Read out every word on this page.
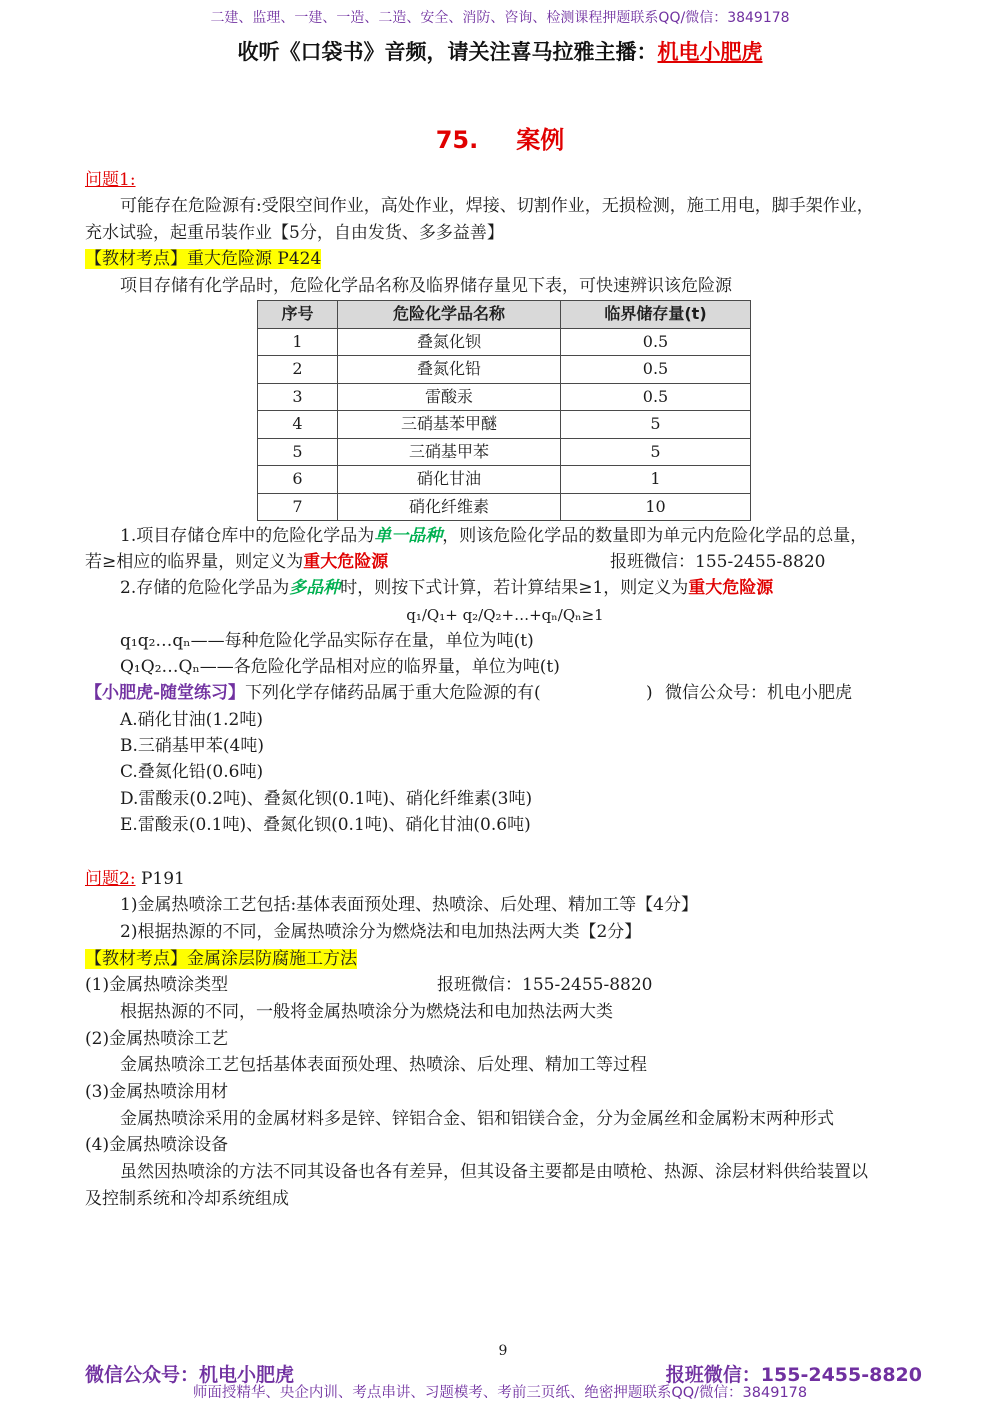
二建、监理、一建、一造、二造、安全、消防、咨询、检测课程押题联系QQ/微信：3849178
收听《口袋书》音频，请关注喜马拉雅主播：机电小肥虎
75. 案例
问题1:
可能存在危险源有:受限空间作业，高处作业，焊接、切割作业，无损检测，施工用电，脚手架作业，
充水试验，起重吊装作业【5分，自由发货、多多益善】
【教材考点】重大危险源 P424
项目存储有化学品时，危险化学品名称及临界储存量见下表，可快速辨识该危险源
序号	危险化学品名称	临界储存量(t)
1	叠氮化钡	0.5
2	叠氮化铅	0.5
3	雷酸汞	0.5
4	三硝基苯甲醚	5
5	三硝基甲苯	5
6	硝化甘油	1
7	硝化纤维素	10
1.项目存储仓库中的危险化学品为单一品种，则该危险化学品的数量即为单元内危险化学品的总量，
若≥相应的临界量，则定义为重大危险源	报班微信：155-2455-8820
2.存储的危险化学品为多品种时，则按下式计算，若计算结果≥1，则定义为重大危险源
q₁/Q₁+ q₂/Q₂+…+qₙ/Qₙ≥1
q₁q₂…qₙ——每种危险化学品实际存在量，单位为吨(t)
Q₁Q₂…Qₙ——各危险化学品相对应的临界量，单位为吨(t)
【小肥虎-随堂练习】下列化学存储药品属于重大危险源的有(	) 微信公众号：机电小肥虎
A.硝化甘油(1.2吨)
B.三硝基甲苯(4吨)
C.叠氮化铅(0.6吨)
D.雷酸汞(0.2吨)、叠氮化钡(0.1吨)、硝化纤维素(3吨)
E.雷酸汞(0.1吨)、叠氮化钡(0.1吨)、硝化甘油(0.6吨)
问题2: P191
1)金属热喷涂工艺包括:基体表面预处理、热喷涂、后处理、精加工等【4分】
2)根据热源的不同，金属热喷涂分为燃烧法和电加热法两大类【2分】
【教材考点】金属涂层防腐施工方法
(1)金属热喷涂类型	报班微信：155-2455-8820
根据热源的不同，一般将金属热喷涂分为燃烧法和电加热法两大类
(2)金属热喷涂工艺
金属热喷涂工艺包括基体表面预处理、热喷涂、后处理、精加工等过程
(3)金属热喷涂用材
金属热喷涂采用的金属材料多是锌、锌铝合金、铝和铝镁合金，分为金属丝和金属粉末两种形式
(4)金属热喷涂设备
虽然因热喷涂的方法不同其设备也各有差异，但其设备主要都是由喷枪、热源、涂层材料供给装置以
及控制系统和冷却系统组成
9
微信公众号：机电小肥虎	报班微信：155-2455-8820
师面授精华、央企内训、考点串讲、习题模考、考前三页纸、绝密押题联系QQ/微信：3849178
